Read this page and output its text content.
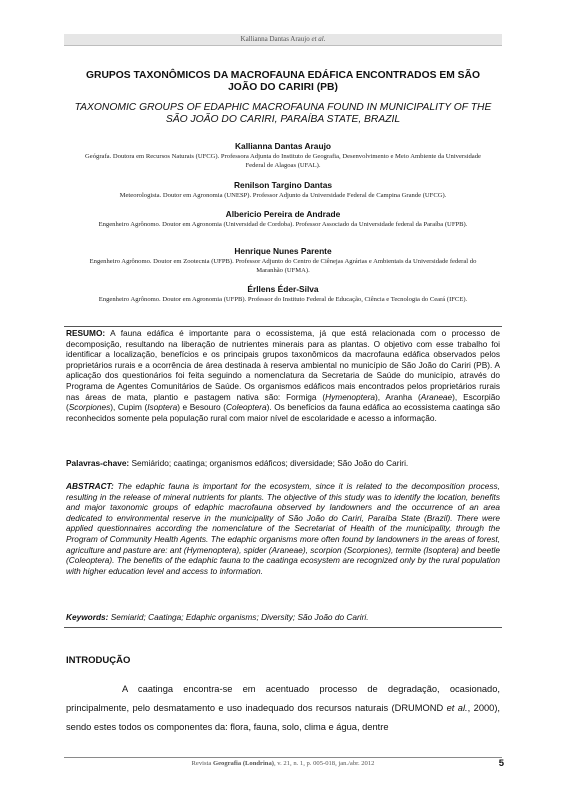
Kallianna Dantas Araujo et al.
GRUPOS TAXONÔMICOS DA MACROFAUNA EDÁFICA ENCONTRADOS EM SÃO JOÃO DO CARIRI (PB)
TAXONOMIC GROUPS OF EDAPHIC MACROFAUNA FOUND IN MUNICIPALITY OF THE SÃO JOÃO DO CARIRI, PARAÍBA STATE, BRAZIL
Kallianna Dantas Araujo
Geógrafa. Doutora em Recursos Naturais (UFCG). Professora Adjunta do Instituto de Geografia, Desenvolvimento e Meio Ambiente da Universidade Federal de Alagoas (UFAL).
Renilson Targino Dantas
Meteorologista. Doutor em Agronomia (UNESP). Professor Adjunto da Universidade Federal de Campina Grande (UFCG).
Albericio Pereira de Andrade
Engenheiro Agrônomo. Doutor em Agronomia (Universidad de Cordoba). Professor Associado da Universidade federal da Paraíba (UFPB).
Henrique Nunes Parente
Engenheiro Agrônomo. Doutor em Zootecnia (UFPB). Professor Adjunto do Centro de Ciênejas Agrárias e Ambientais da Universidade federal do Maranhão (UFMA).
Érllens Éder-Silva
Engenheiro Agrônomo. Doutor em Agronomia (UFPB). Professor do Instituto Federal de Educação, Ciência e Tecnologia do Ceará (IFCE).

RESUMO: A fauna edáfica é importante para o ecossistema, já que está relacionada com o processo de decomposição, resultando na liberação de nutrientes minerais para as plantas. O objetivo com esse trabalho foi identificar a localização, benefícios e os principais grupos taxonômicos da macrofauna edáfica observados pelos proprietários rurais e a ocorrência de área destinada à reserva ambiental no município de São João do Cariri (PB). A aplicação dos questionários foi feita seguindo a nomenclatura da Secretaria de Saúde do município, através do Programa de Agentes Comunitários de Saúde. Os organismos edáficos mais encontrados pelos proprietários rurais nas áreas de mata, plantio e pastagem nativa são: Formiga (Hymenoptera), Aranha (Araneae), Escorpião (Scorpiones), Cupim (Isoptera) e Besouro (Coleoptera). Os benefícios da fauna edáfica ao ecossistema caatinga são reconhecidos somente pela população rural com maior nível de escolaridade e acesso a informação.

Palavras-chave: Semiárido; caatinga; organismos edáficos; diversidade; São João do Cariri.

ABSTRACT: The edaphic fauna is important for the ecosystem, since it is related to the decomposition process, resulting in the release of mineral nutrients for plants. The objective of this study was to identify the location, benefits and major taxonomic groups of edaphic macrofauna observed by landowners and the occurrence of an area dedicated to environmental reserve in the municipality of São João do Cariri, Paraíba State (Brazil). There were applied questionnaires according the nomenclature of the Secretariat of Health of the municipality, through the Program of Community Health Agents. The edaphic organisms more often found by landowners in the areas of forest, agriculture and pasture are: ant (Hymenoptera), spider (Araneae), scorpion (Scorpiones), termite (Isoptera) and beetle (Coleoptera). The benefits of the edaphic fauna to the caatinga ecosystem are recognized only by the rural population with higher education level and access to information.

Keywords: Semiarid; Caatinga; Edaphic organisms; Diversity; São João do Cariri.

INTRODUÇÃO

A caatinga encontra-se em acentuado processo de degradação, ocasionado, principalmente, pelo desmatamento e uso inadequado dos recursos naturais (DRUMOND et al., 2000), sendo estes todos os componentes da: flora, fauna, solo, clima e água, dentre

Revista Geografia (Londrina), v. 21, n. 1, p. 005-018, jan./abr. 2012	5
